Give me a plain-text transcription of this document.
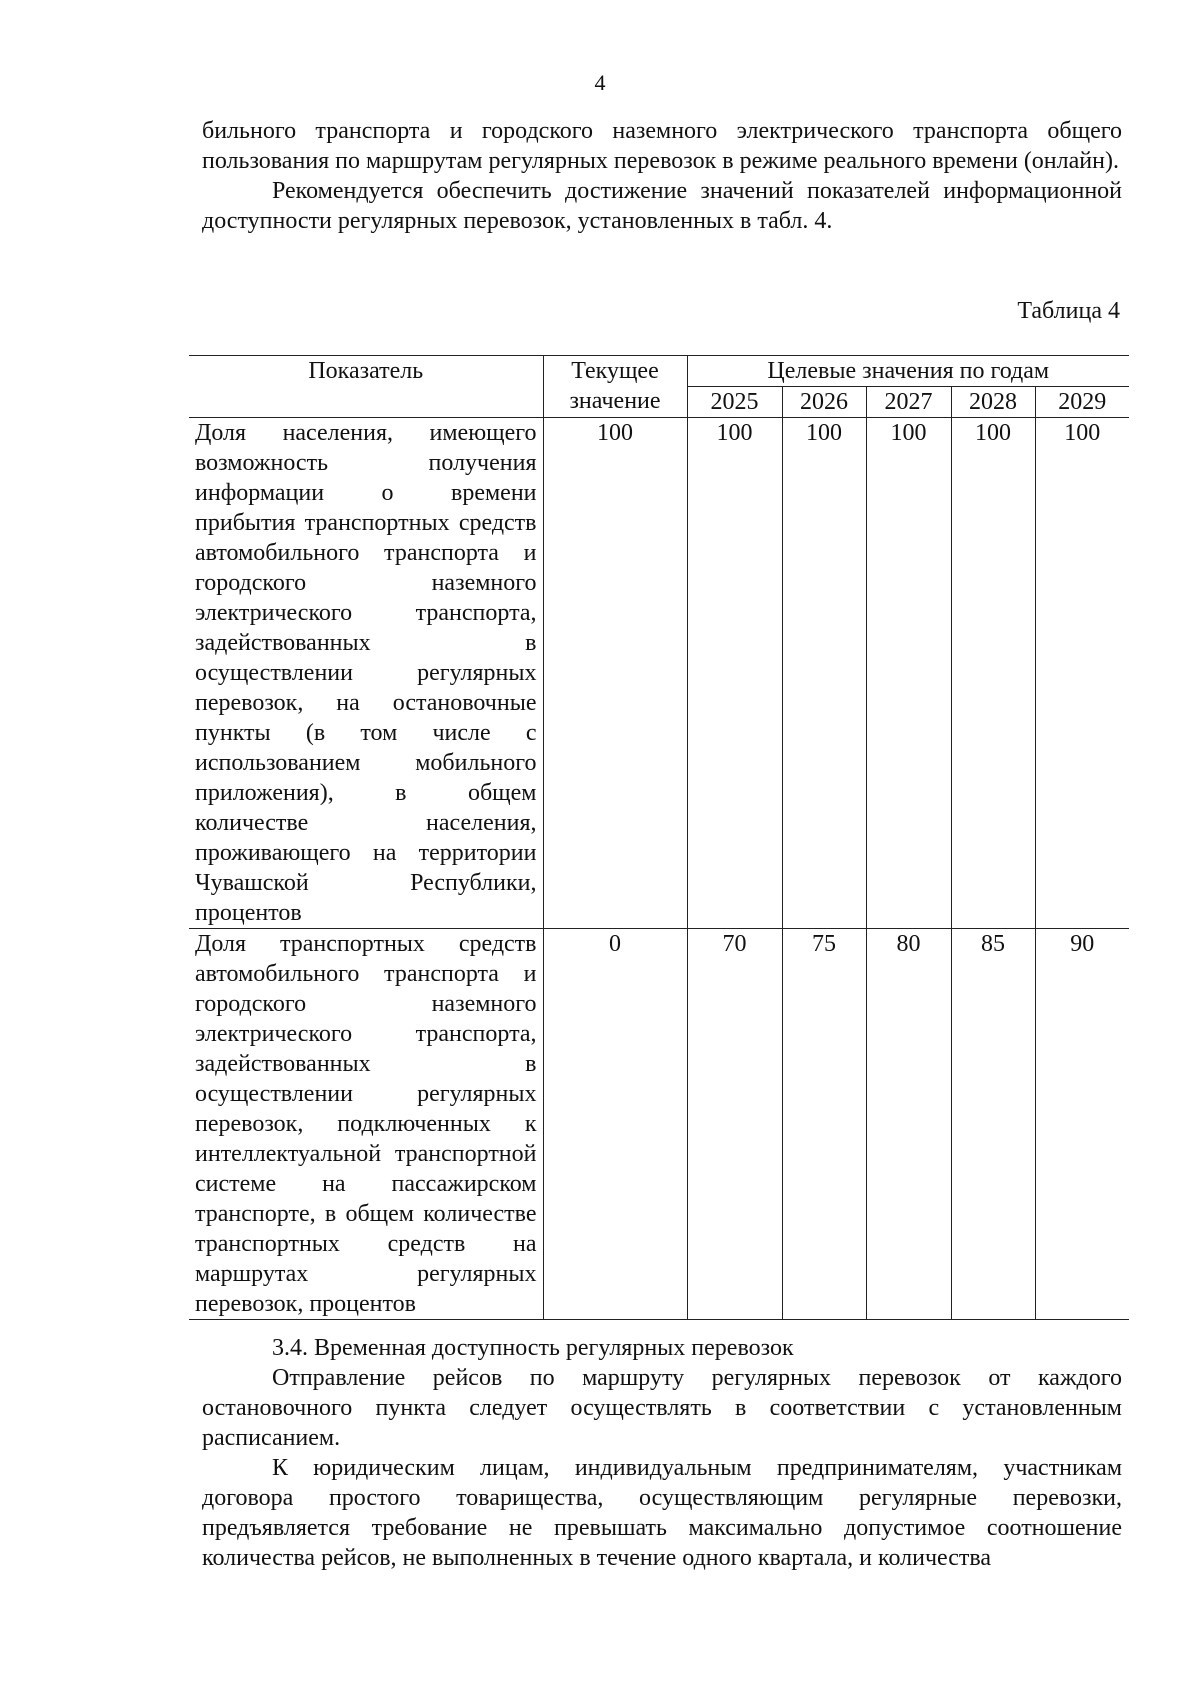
4

бильного транспорта и городского наземного электрического транспорта общего пользования по маршрутам регулярных перевозок в режиме реального времени (онлайн).

Рекомендуется обеспечить достижение значений показателей информационной доступности регулярных перевозок, установленных в табл. 4.

Таблица 4
Показатель	Текущее значение	Целевые значения по годам				
		2025	2026	2027	2028	2029
Доля населения, имеющего возможность получения информации о времени прибытия транспортных средств автомобильного транспорта и городского наземного электрического транспорта, задействованных в осуществлении регулярных перевозок, на остановочные пункты (в том числе с использованием мобильного приложения), в общем количестве населения, проживающего на территории Чувашской Республики, процентов	100	100	100	100	100	100
Доля транспортных средств автомобильного транспорта и городского наземного электрического транспорта, задействованных в осуществлении регулярных перевозок, подключенных к интеллектуальной транспортной системе на пассажирском транспорте, в общем количестве транспортных средств на маршрутах регулярных перевозок, процентов	0	70	75	80	85	90

3.4. Временная доступность регулярных перевозок

Отправление рейсов по маршруту регулярных перевозок от каждого остановочного пункта следует осуществлять в соответствии с установленным расписанием.

К юридическим лицам, индивидуальным предпринимателям, участникам договора простого товарищества, осуществляющим регулярные перевозки, предъявляется требование не превышать максимально допустимое соотношение количества рейсов, не выполненных в течение одного квартала, и количества
